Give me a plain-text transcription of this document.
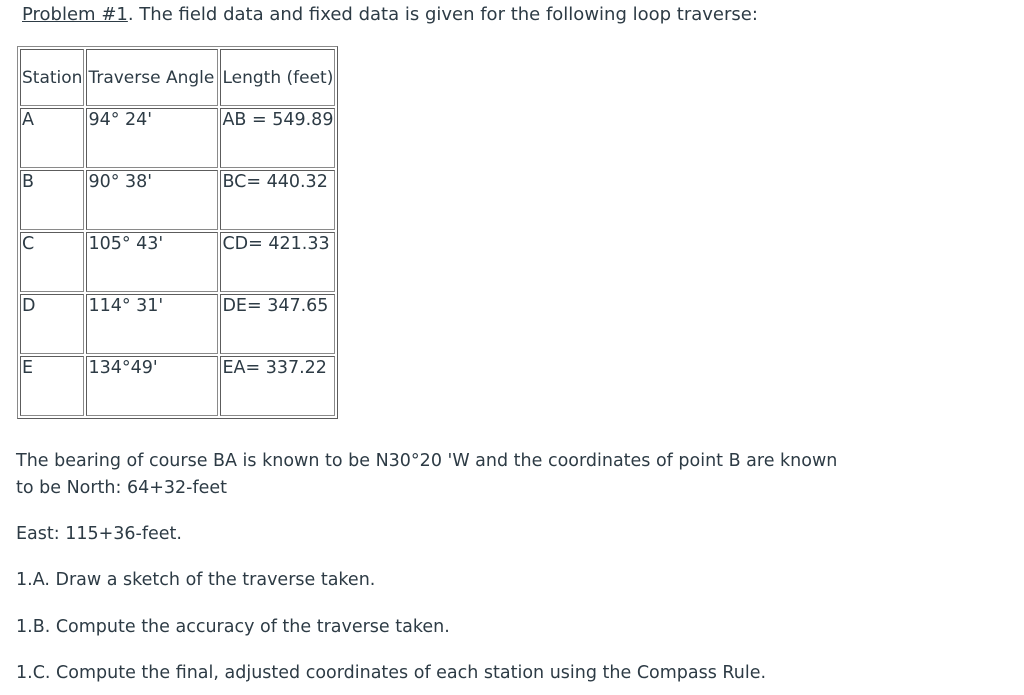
Problem #1. The field data and fixed data is given for the following loop traverse:
Station	Traverse Angle	Length (feet)
A	94° 24'	AB = 549.89
B	90° 38'	BC= 440.32
C	105° 43'	CD= 421.33
D	114° 31'	DE= 347.65
E	134°49'	EA= 337.22
The bearing of course BA is known to be N30°20 'W and the coordinates of point B are known
to be North: 64+32-feet
East: 115+36-feet.
1.A. Draw a sketch of the traverse taken.
1.B. Compute the accuracy of the traverse taken.
1.C. Compute the final, adjusted coordinates of each station using the Compass Rule.
